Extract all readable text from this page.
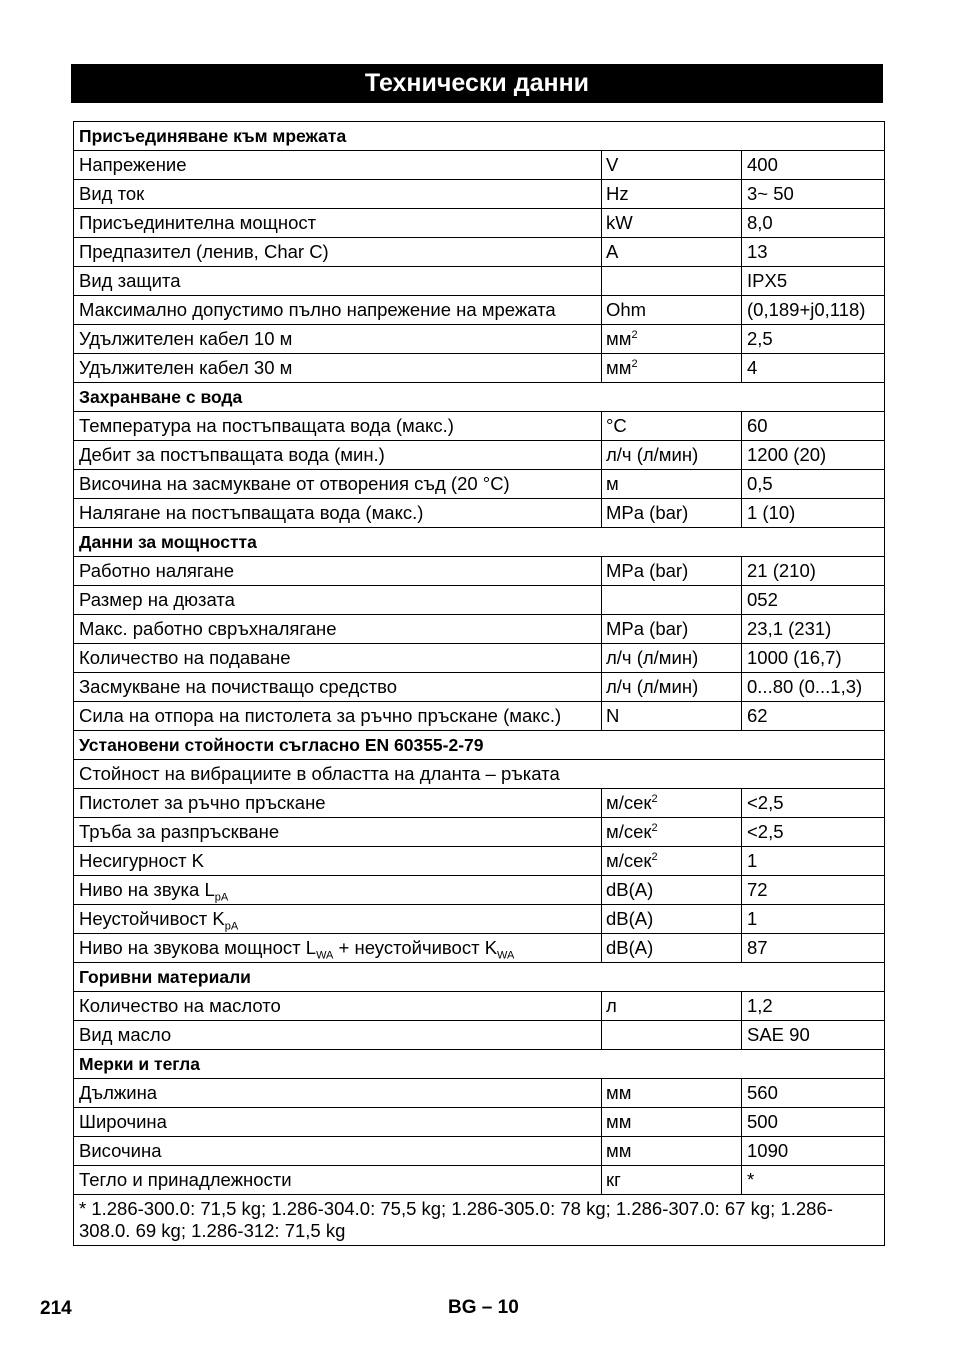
Технически данни
Присъединяване към мрежата		
Напрежение	V	400
Вид ток	Hz	3~ 50
Присъединителна мощност	kW	8,0
Предпазител (ленив, Char C)	A	13
Вид защита		IPX5
Максимално допустимо пълно напрежение на мрежата	Ohm	(0,189+j0,118)
Удължителен кабел 10 м	$мм^2$	2,5
Удължителен кабел 30 м	$мм^2$	4
Захранване с вода		
Температура на постъпващата вода (макс.)	°C	60
Дебит за постъпващата вода (мин.)	л/ч (л/мин)	1200 (20)
Височина на засмукване от отворения съд (20 °C)	м	0,5
Налягане на постъпващата вода (макс.)	MPa (bar)	1 (10)
Данни за мощността		
Работно налягане	MPa (bar)	21 (210)
Размер на дюзата		052
Макс. работно свръхналягане	MPa (bar)	23,1 (231)
Количество на подаване	л/ч (л/мин)	1000 (16,7)
Засмукване на почистващо средство	л/ч (л/мин)	0...80 (0...1,3)
Сила на отпора на пистолета за ръчно пръскане (макс.)	N	62
Установени стойности съгласно EN 60355-2-79		
Стойност на вибрациите в областта на дланта – ръката		
Пистолет за ръчно пръскане	м/сек$^2$	<2,5
Тръба за разпръскване	м/сек$^2$	<2,5
Несигурност K	м/сек$^2$	1
Ниво на звука $L_{pA}$	dB(A)	72
Неустойчивост $K_{pA}$	dB(A)	1
Ниво на звукова мощност $L_{WA}$ + неустойчивост $K_{WA}$	dB(A)	87
Горивни материали		
Количество на маслото	л	1,2
Вид масло		SAE 90
Мерки и тегла		
Дължина	мм	560
Широчина	мм	500
Височина	мм	1090
Тегло и принадлежности	кг	*
* 1.286-300.0: 71,5 kg; 1.286-304.0: 75,5 kg; 1.286-305.0: 78 kg; 1.286-307.0: 67 kg; 1.286-308.0. 69 kg; 1.286-312: 71,5 kg		
214	BG – 10
